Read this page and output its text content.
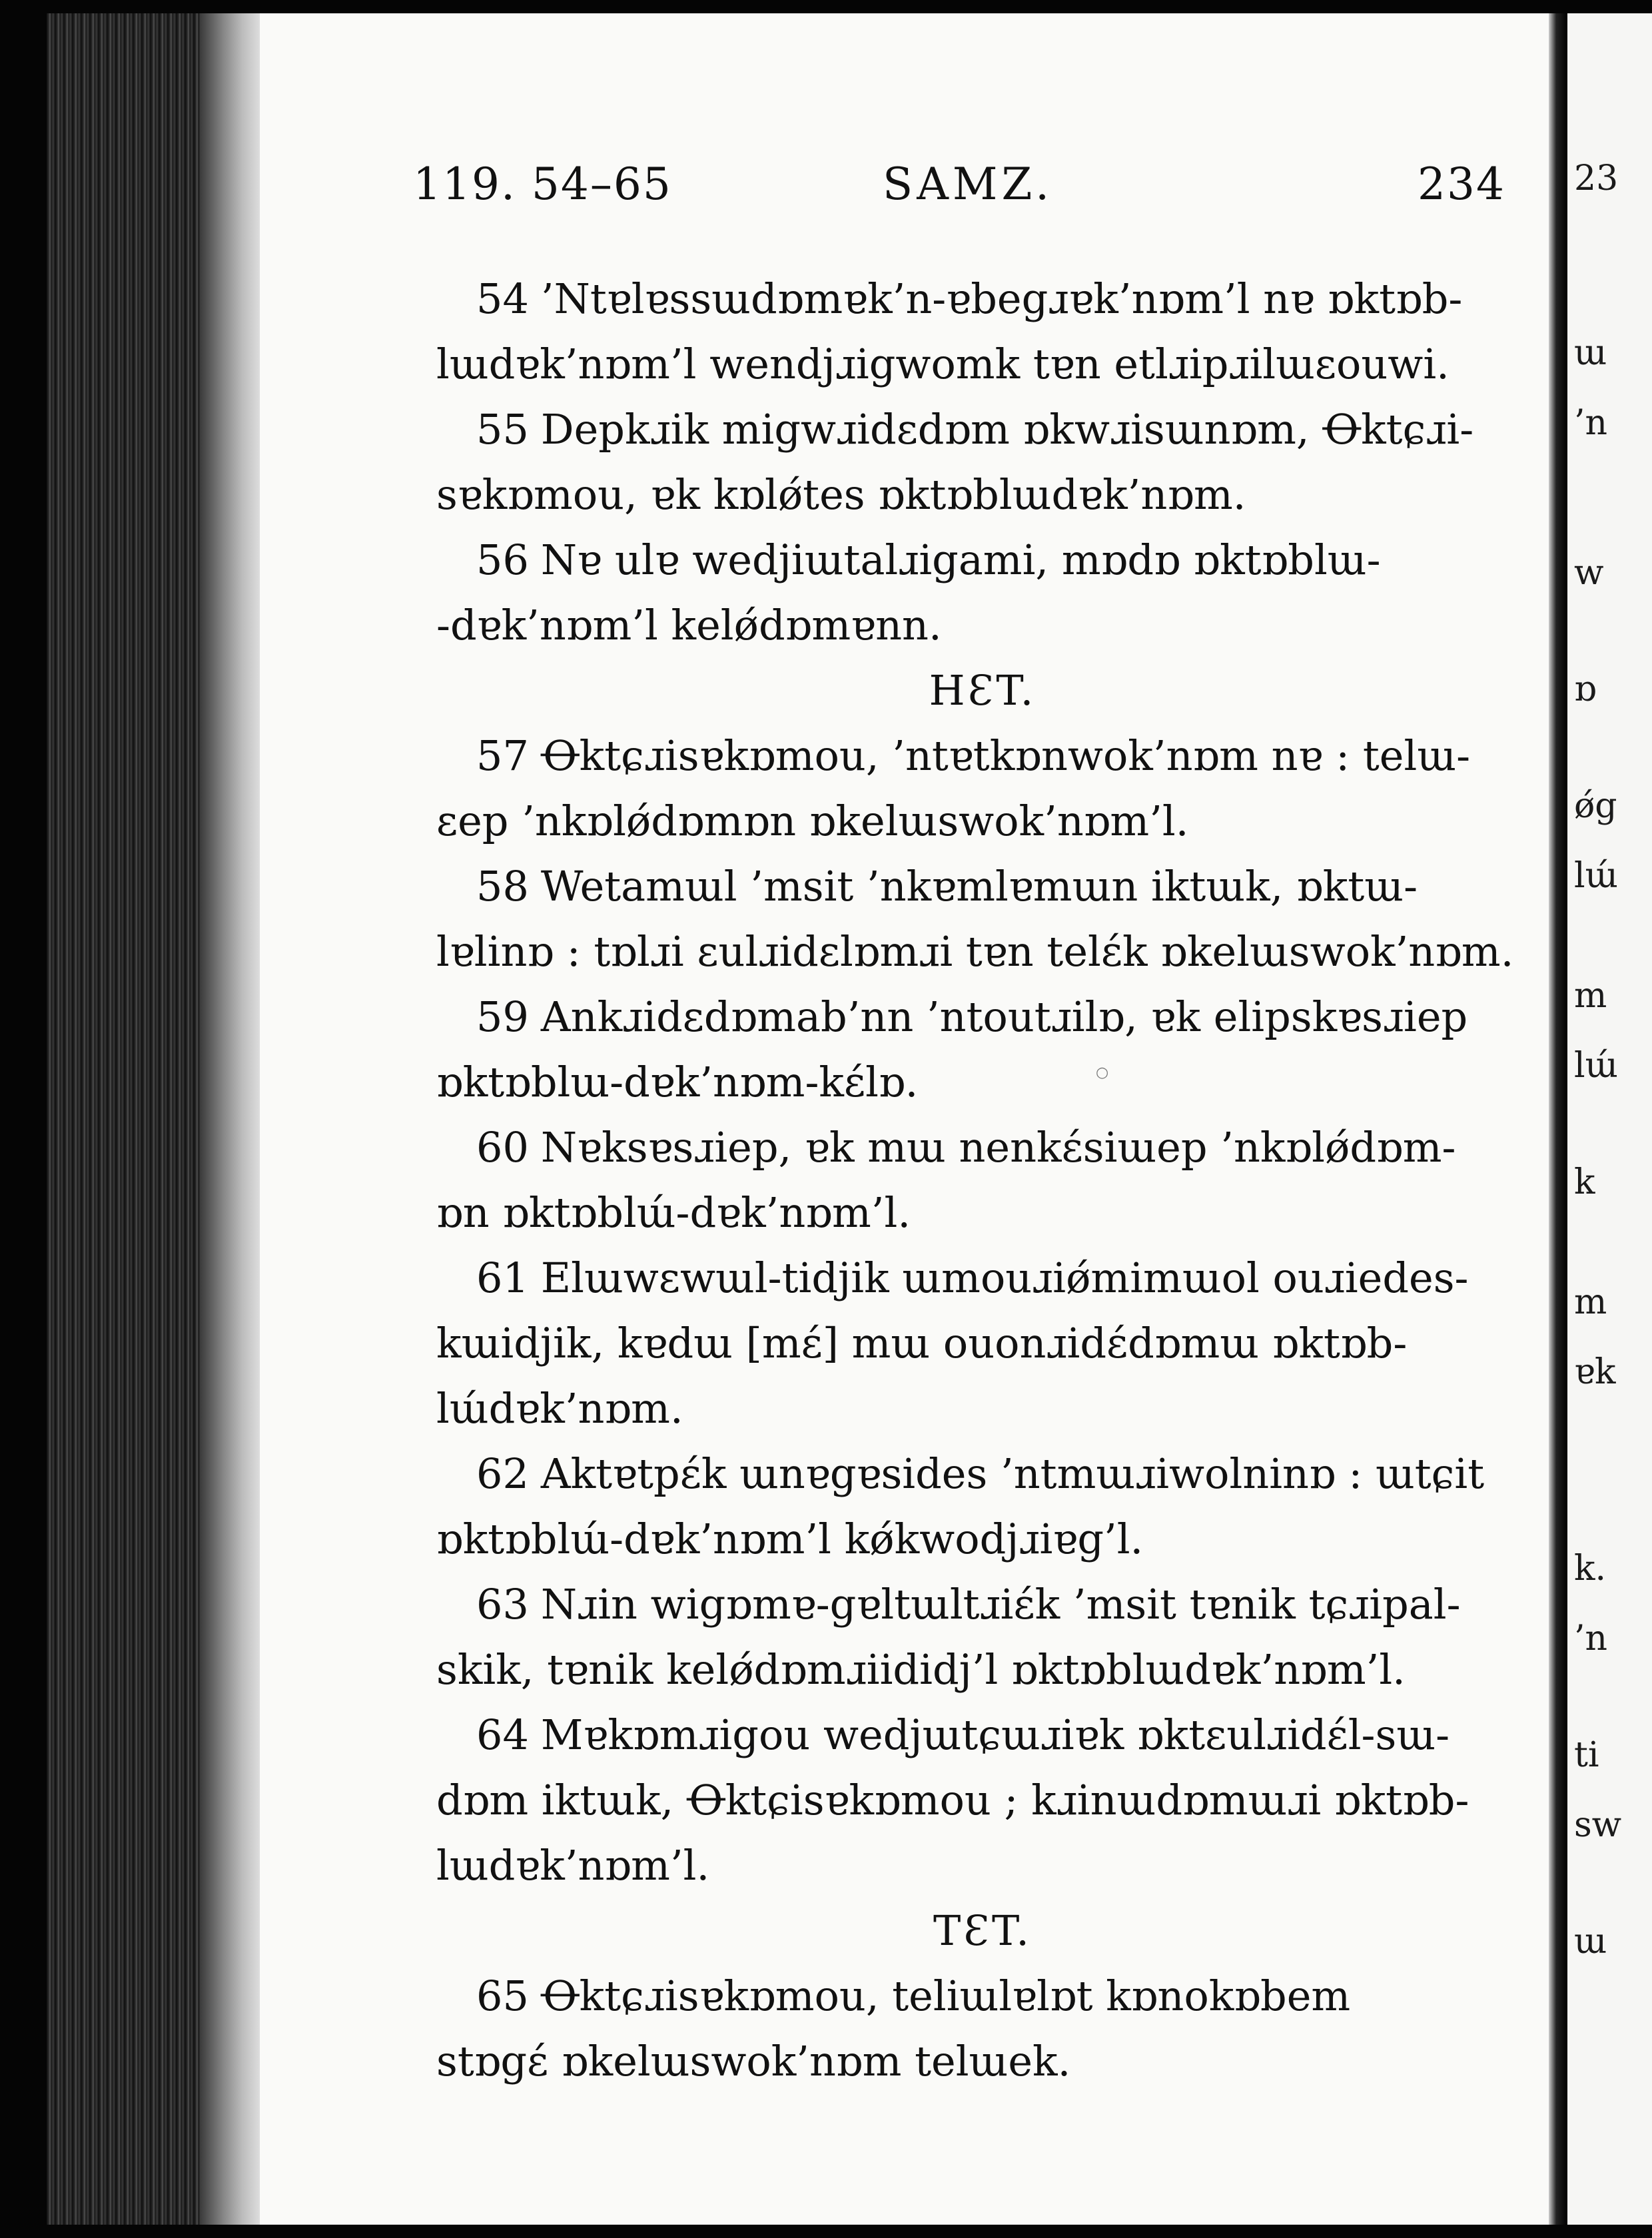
23
ɯ
’n
w
ɒ
ǿg
lɯ́
m
lɯ́
k
m
ɐk
k.
’n
ti
sw
ɯ
119. 54–65	SAMZ.	234
54 ’Ntɐlɐssɯdɒmɐk’n-ɐbegɹɐk’nɒm’l nɐ ɒktɒb-
lɯdɐk’nɒm’l wendjɹigwomk tɐn etlɹipɹilɯɛouwi.
55 Depkɹik migwɹidɛdɒm ɒkwɹisɯnɒm, Ꝋktɕɹi-
sɐkɒmou, ɐk kɒlǿtes ɒktɒblɯdɐk’nɒm.
56 Nɐ ulɐ wedjiɯtalɹigami, mɒdɒ ɒktɒblɯ-
-dɐk’nɒm’l kelǿdɒmɐnn.
HƐT.
57 Ꝋktɕɹisɐkɒmou, ’ntɐtkɒnwok’nɒm nɐ : telɯ-
ɛep ’nkɒlǿdɒmɒn ɒkelɯswok’nɒm’l.
58 Wetamɯl ’msit ’nkɐmlɐmɯn iktɯk, ɒktɯ-
lɐlinɒ : tɒlɹi ɛulɹidɛlɒmɹi tɐn telɛ́k ɒkelɯswok’nɒm.
59 Ankɹidɛdɒmab’nn ’ntoutɹilɒ, ɐk elipskɐsɹiep
ɒktɒblɯ-dɐk’nɒm-kɛ́lɒ.
60 Nɐksɐsɹiep, ɐk mɯ nenkɛ́siɯep ’nkɒlǿdɒm-
ɒn ɒktɒblɯ́-dɐk’nɒm’l.
61 Elɯwɛwɯl-tidjik ɯmouɹiǿmimɯol ouɹiedes-
kɯidjik, kɐdɯ [mɛ́] mɯ ouonɹidɛ́dɒmɯ ɒktɒb-
lɯ́dɐk’nɒm.
62 Aktɐtpɛ́k ɯnɐgɐsides ’ntmɯɹiwolninɒ : ɯtɕit
ɒktɒblɯ́-dɐk’nɒm’l kǿkwodjɹiɐg’l.
63 Nɹin wigɒmɐ-gɐltɯltɹiɛ́k ’msit tɐnik tɕɹipal-
skik, tɐnik kelǿdɒmɹiididj’l ɒktɒblɯdɐk’nɒm’l.
64 Mɐkɒmɹigou wedjɯtɕɯɹiɐk ɒktɛulɹidɛ́l-sɯ-
dɒm iktɯk, Ꝋktɕisɐkɒmou ; kɹinɯdɒmɯɹi ɒktɒb-
lɯdɐk’nɒm’l.
TƐT.
65 Ꝋktɕɹisɐkɒmou, teliɯlɐlɒt kɒnokɒbem
stɒgɛ́ ɒkelɯswok’nɒm telɯek.
○
